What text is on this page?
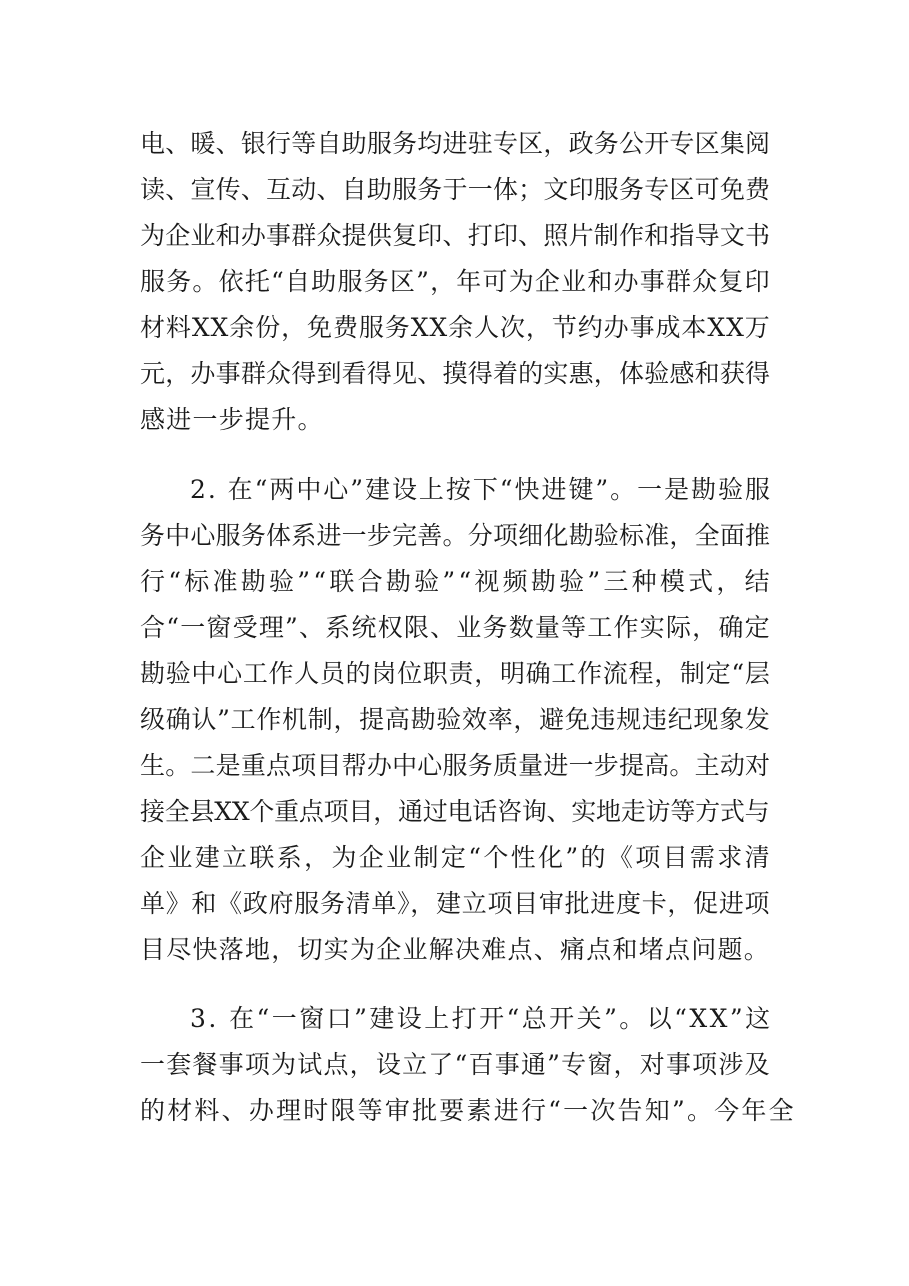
电、暖、银行等自助服务均进驻专区，政务公开专区集阅
读、宣传、互动、自助服务于一体；文印服务专区可免费
为企业和办事群众提供复印、打印、照片制作和指导文书
服务。依托“自助服务区”，年可为企业和办事群众复印
材料XX余份，免费服务XX余人次，节约办事成本XX万
元，办事群众得到看得见、摸得着的实惠，体验感和获得
感进一步提升。
2. 在“两中心”建设上按下“快进键”。一是勘验服
务中心服务体系进一步完善。分项细化勘验标准，全面推
行“标准勘验”“联合勘验”“视频勘验”三种模式，结
合“一窗受理”、系统权限、业务数量等工作实际，确定
勘验中心工作人员的岗位职责，明确工作流程，制定“层
级确认”工作机制，提高勘验效率，避免违规违纪现象发
生。二是重点项目帮办中心服务质量进一步提高。主动对
接全县XX个重点项目，通过电话咨询、实地走访等方式与
企业建立联系，为企业制定“个性化”的《项目需求清
单》和《政府服务清单》，建立项目审批进度卡，促进项
目尽快落地，切实为企业解决难点、痛点和堵点问题。
3. 在“一窗口”建设上打开“总开关”。以“XX”这
一套餐事项为试点，设立了“百事通”专窗，对事项涉及
的材料、办理时限等审批要素进行“一次告知”。今年全
